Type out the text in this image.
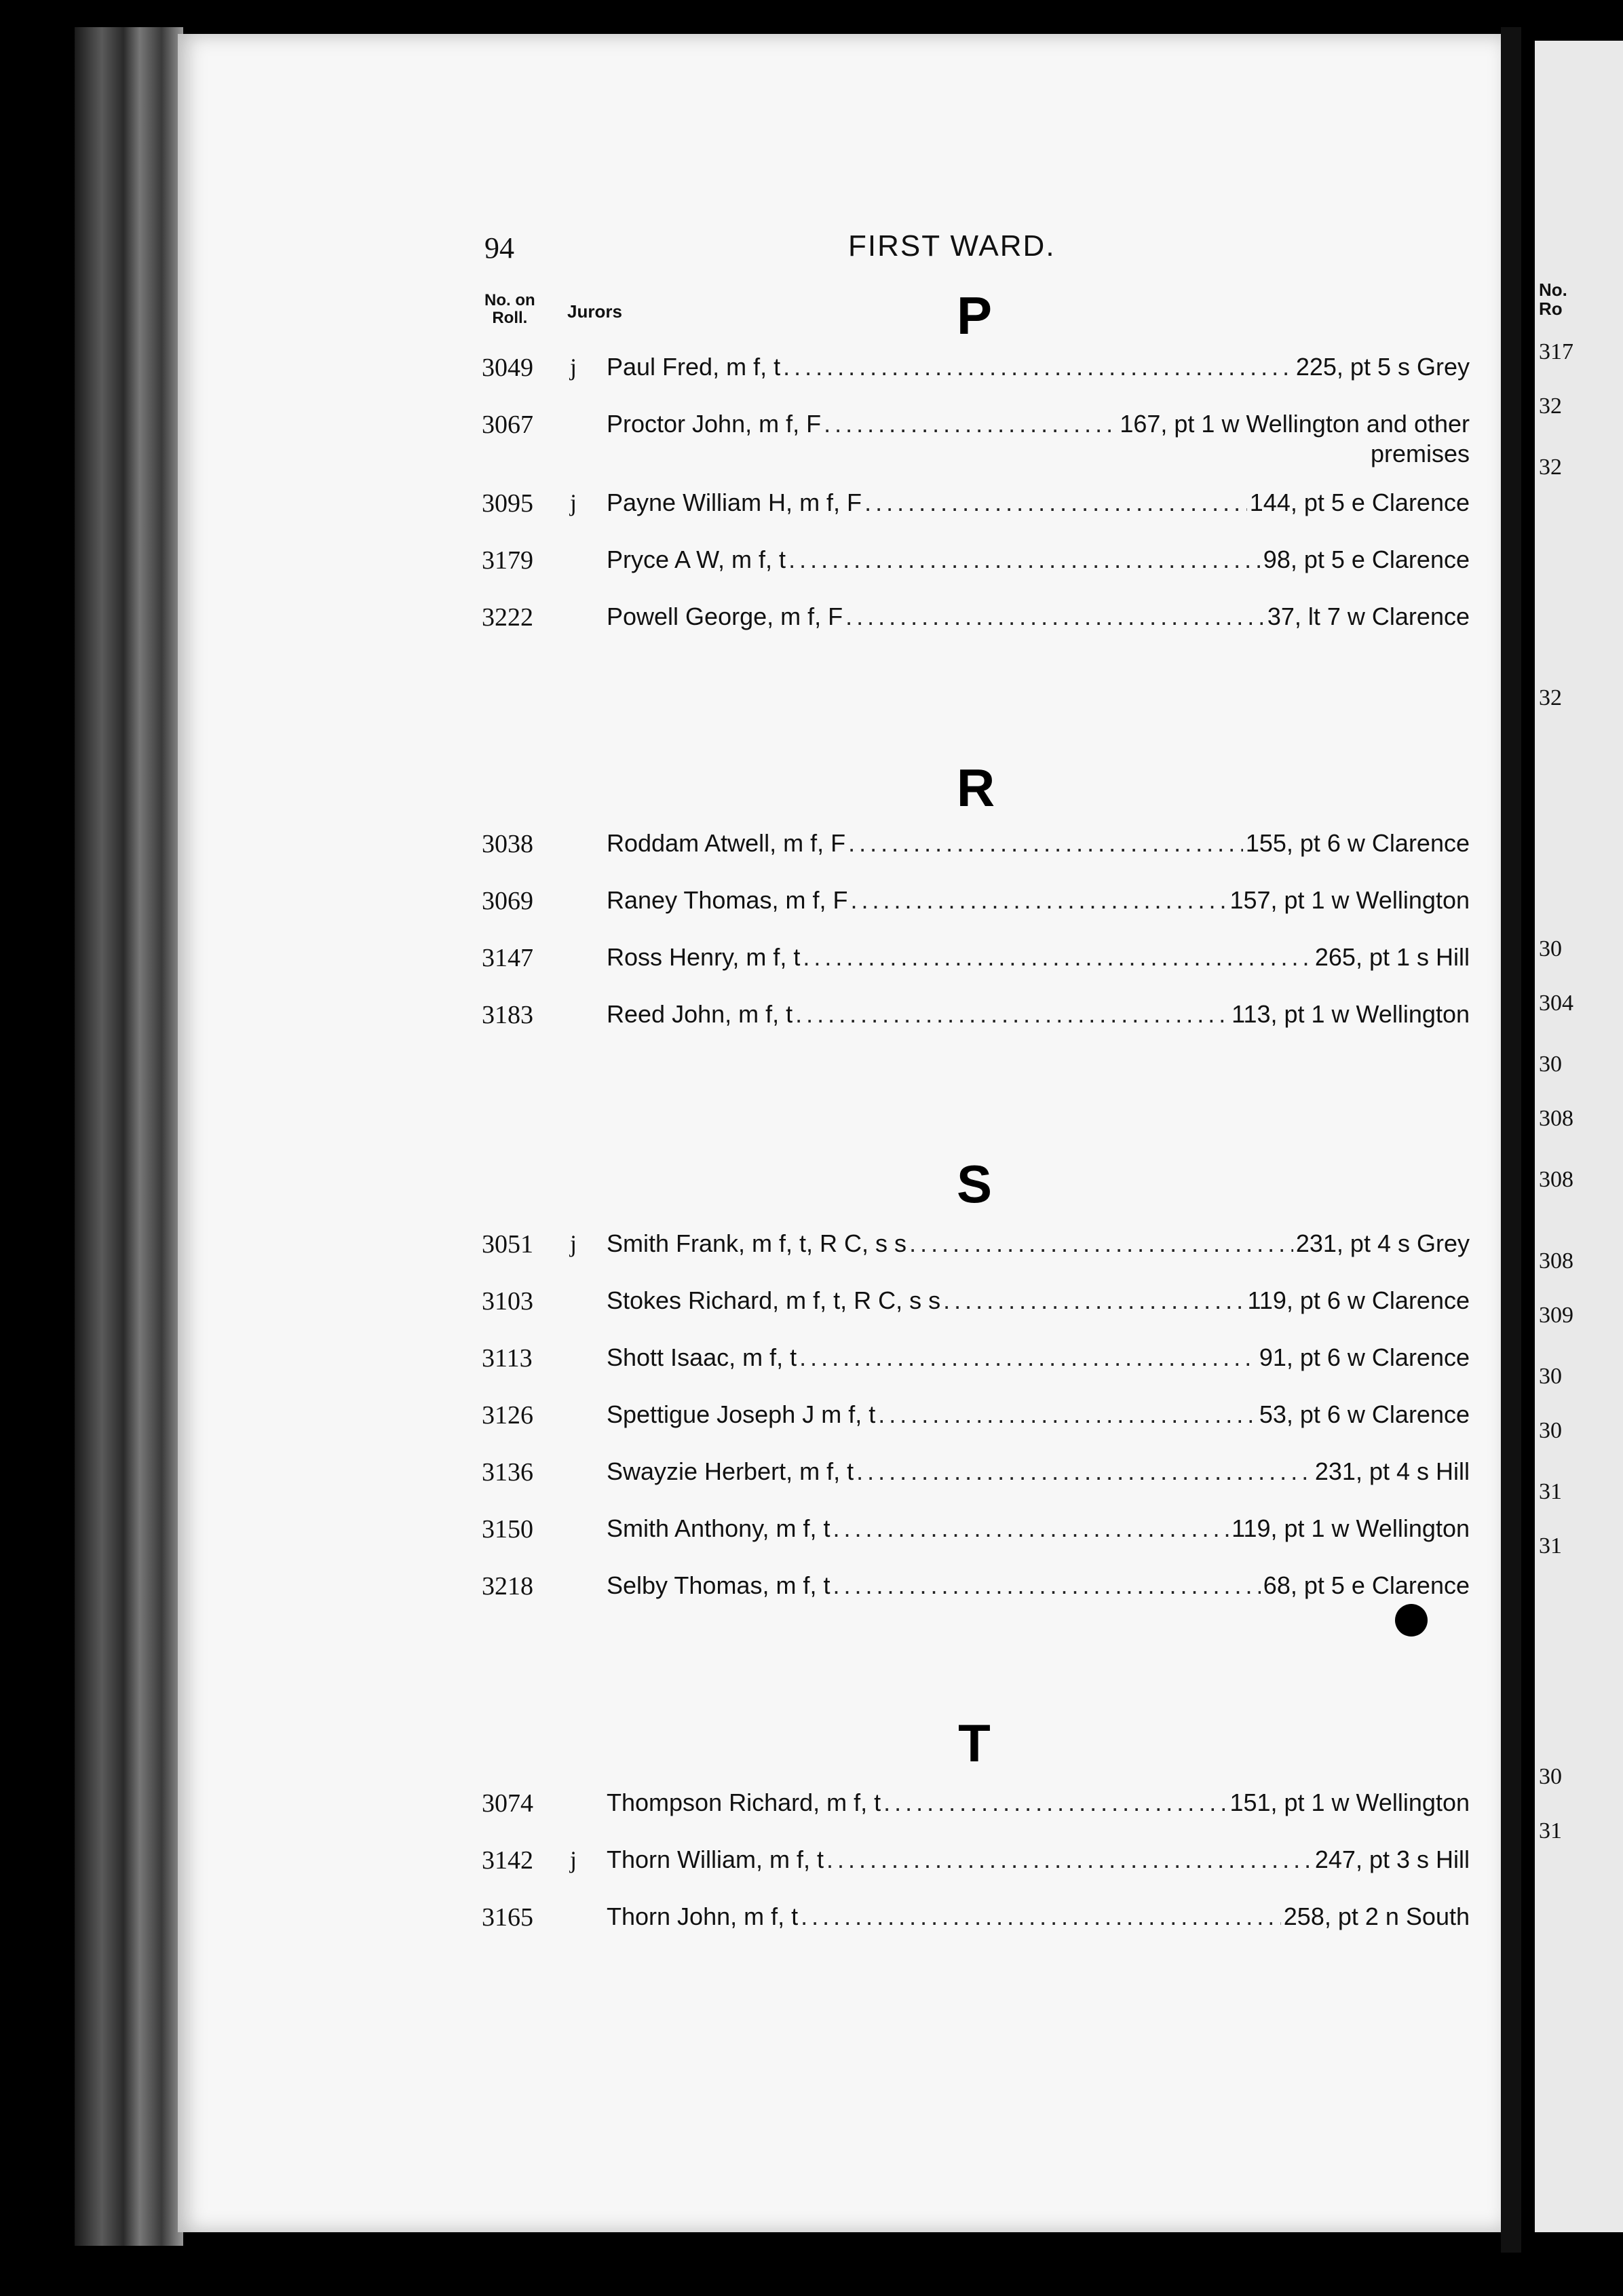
No.
Ro
317
32
32
32
30
304
30
308
308
308
309
30
30
31
31
30
31
94	FIRST WARD.
No. on
Roll.	Jurors	P
3049 j Paul Fred, m f, t .....	225, pt 5 s Grey
3067	Proctor John, m f, F .....	167, pt 1 w Wellington and other
premises
3095 j Payne William H, m f, F .....	144, pt 5 e Clarence
3179	Pryce A W, m f, t .....	98, pt 5 e Clarence
3222	Powell George, m f, F .....	37, lt 7 w Clarence
R
3038	Roddam Atwell, m f, F .....	155, pt 6 w Clarence
3069	Raney Thomas, m f, F .....	157, pt 1 w Wellington
3147	Ross Henry, m f, t .....	265, pt 1 s Hill
3183	Reed John, m f, t .....	113, pt 1 w Wellington
S
3051 j Smith Frank, m f, t, R C, s s .....	231, pt 4 s Grey
3103	Stokes Richard, m f, t, R C, s s .....	119, pt 6 w Clarence
3113	Shott Isaac, m f, t .....	91, pt 6 w Clarence
3126	Spettigue Joseph J m f, t .....	53, pt 6 w Clarence
3136	Swayzie Herbert, m f, t .....	231, pt 4 s Hill
3150	Smith Anthony, m f, t .....	119, pt 1 w Wellington
3218	Selby Thomas, m f, t .....	68, pt 5 e Clarence
T
3074	Thompson Richard, m f, t .....	151, pt 1 w Wellington
3142 j Thorn William, m f, t .....	247, pt 3 s Hill
3165	Thorn John, m f, t .....	258, pt 2 n South
